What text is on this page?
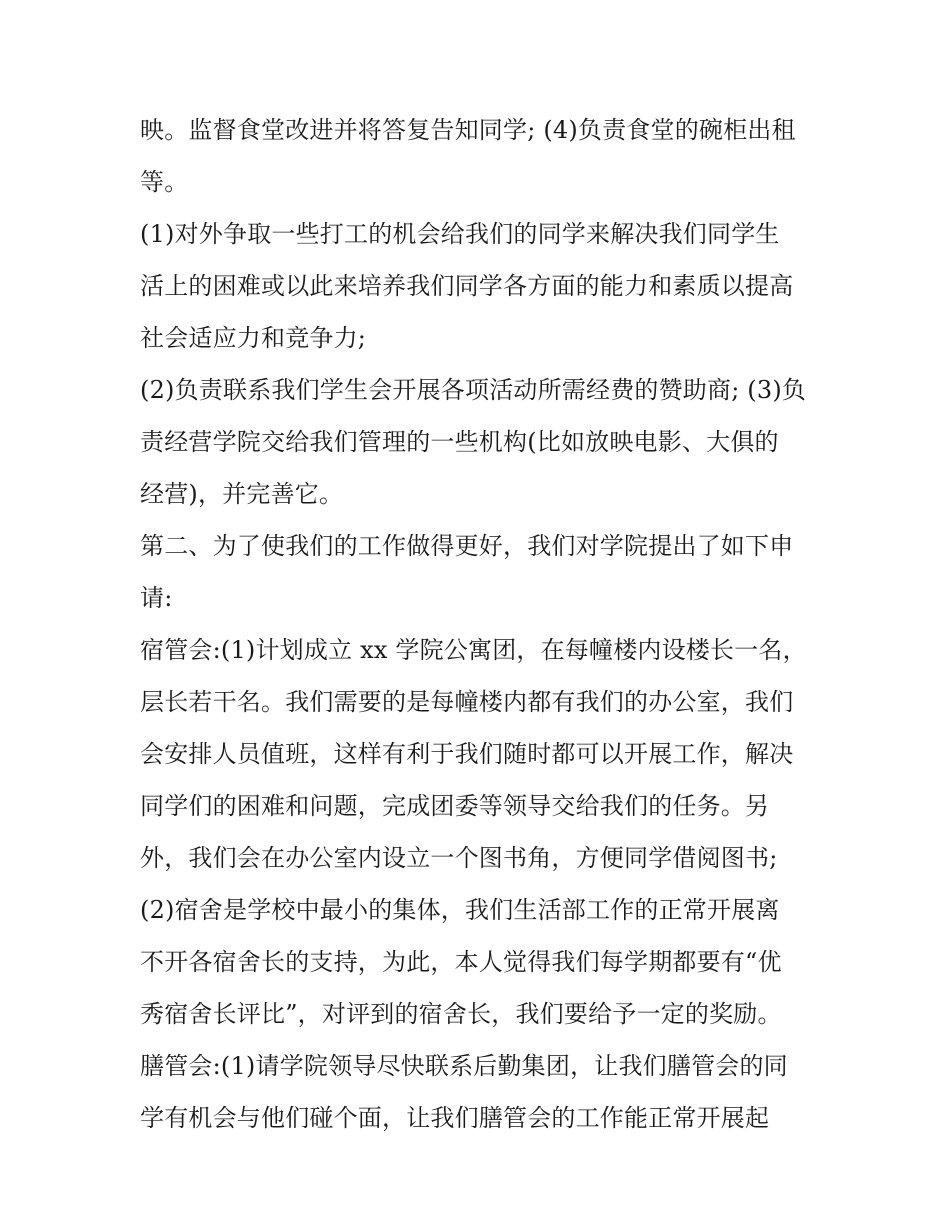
映。监督食堂改进并将答复告知同学; (4)负责食堂的碗柜出租
等。
(1)对外争取一些打工的机会给我们的同学来解决我们同学生
活上的困难或以此来培养我们同学各方面的能力和素质以提高
社会适应力和竞争力;
(2)负责联系我们学生会开展各项活动所需经费的赞助商; (3)负
责经营学院交给我们管理的一些机构(比如放映电影、大俱的
经营)，并完善它。
第二、为了使我们的工作做得更好，我们对学院提出了如下申
请:
宿管会:(1)计划成立 xx 学院公寓团，在每幢楼内设楼长一名，
层长若干名。我们需要的是每幢楼内都有我们的办公室，我们
会安排人员值班，这样有利于我们随时都可以开展工作，解决
同学们的困难和问题，完成团委等领导交给我们的任务。另
外，我们会在办公室内设立一个图书角，方便同学借阅图书;
(2)宿舍是学校中最小的集体，我们生活部工作的正常开展离
不开各宿舍长的支持，为此，本人觉得我们每学期都要有“优
秀宿舍长评比”，对评到的宿舍长，我们要给予一定的奖励。
膳管会:(1)请学院领导尽快联系后勤集团，让我们膳管会的同
学有机会与他们碰个面，让我们膳管会的工作能正常开展起
